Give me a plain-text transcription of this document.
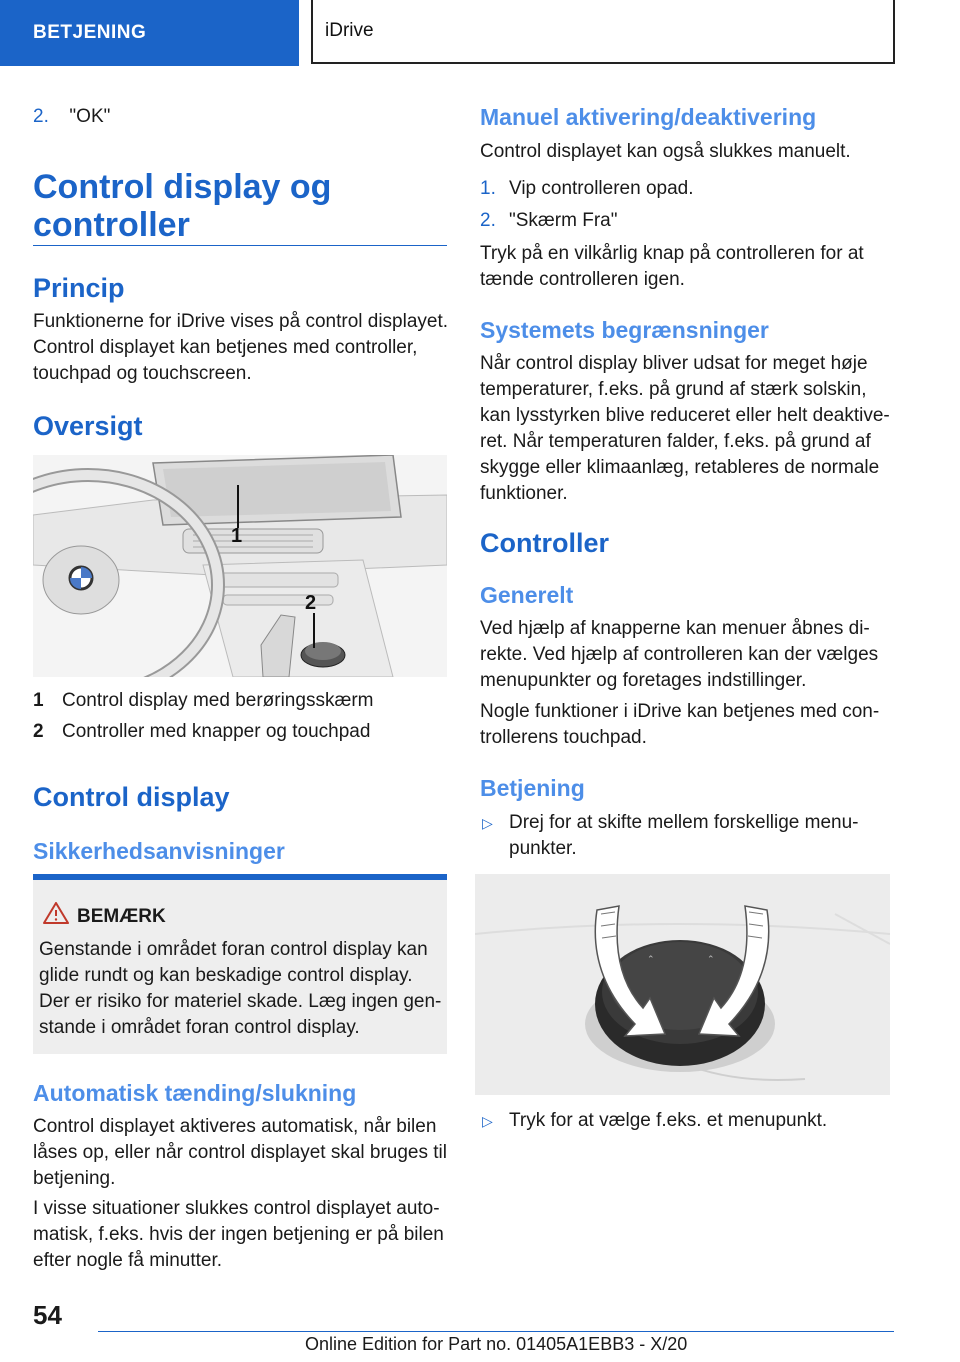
BETJENING	iDrive
2. "OK"
Control display og
controller
Princip
Funktionerne for iDrive vises på control displayet.
Control displayet kan betjenes med controller,
touchpad og touchscreen.
Oversigt
1
2
1 Control display med berøringsskærm
2 Controller med knapper og touchpad
Control display
Sikkerhedsanvisninger
BEMÆRK
Genstande i området foran control display kan
glide rundt og kan beskadige control display.
Der er risiko for materiel skade. Læg ingen gen-
stande i området foran control display.
Automatisk tænding/slukning
Control displayet aktiveres automatisk, når bilen
låses op, eller når control displayet skal bruges til
betjening.
I visse situationer slukkes control displayet auto-
matisk, f.eks. hvis der ingen betjening er på bilen
efter nogle få minutter.
Manuel aktivering/deaktivering
Control displayet kan også slukkes manuelt.
1. Vip controlleren opad.
2. "Skærm Fra"
Tryk på en vilkårlig knap på controlleren for at
tænde controlleren igen.
Systemets begrænsninger
Når control display bliver udsat for meget høje
temperaturer, f.eks. på grund af stærk solskin,
kan lysstyrken blive reduceret eller helt deaktive-
ret. Når temperaturen falder, f.eks. på grund af
skygge eller klimaanlæg, retableres de normale
funktioner.
Controller
Generelt
Ved hjælp af knapperne kan menuer åbnes di-
rekte. Ved hjælp af controlleren kan der vælges
menupunkter og foretages indstillinger.
Nogle funktioner i iDrive kan betjenes med con-
trollerens touchpad.
Betjening
▷ Drej for at skifte mellem forskellige menu-
punkter.
⌃	⌃
▷ Tryk for at vælge f.eks. et menupunkt.
54
Online Edition for Part no. 01405A1EBB3 - X/20
